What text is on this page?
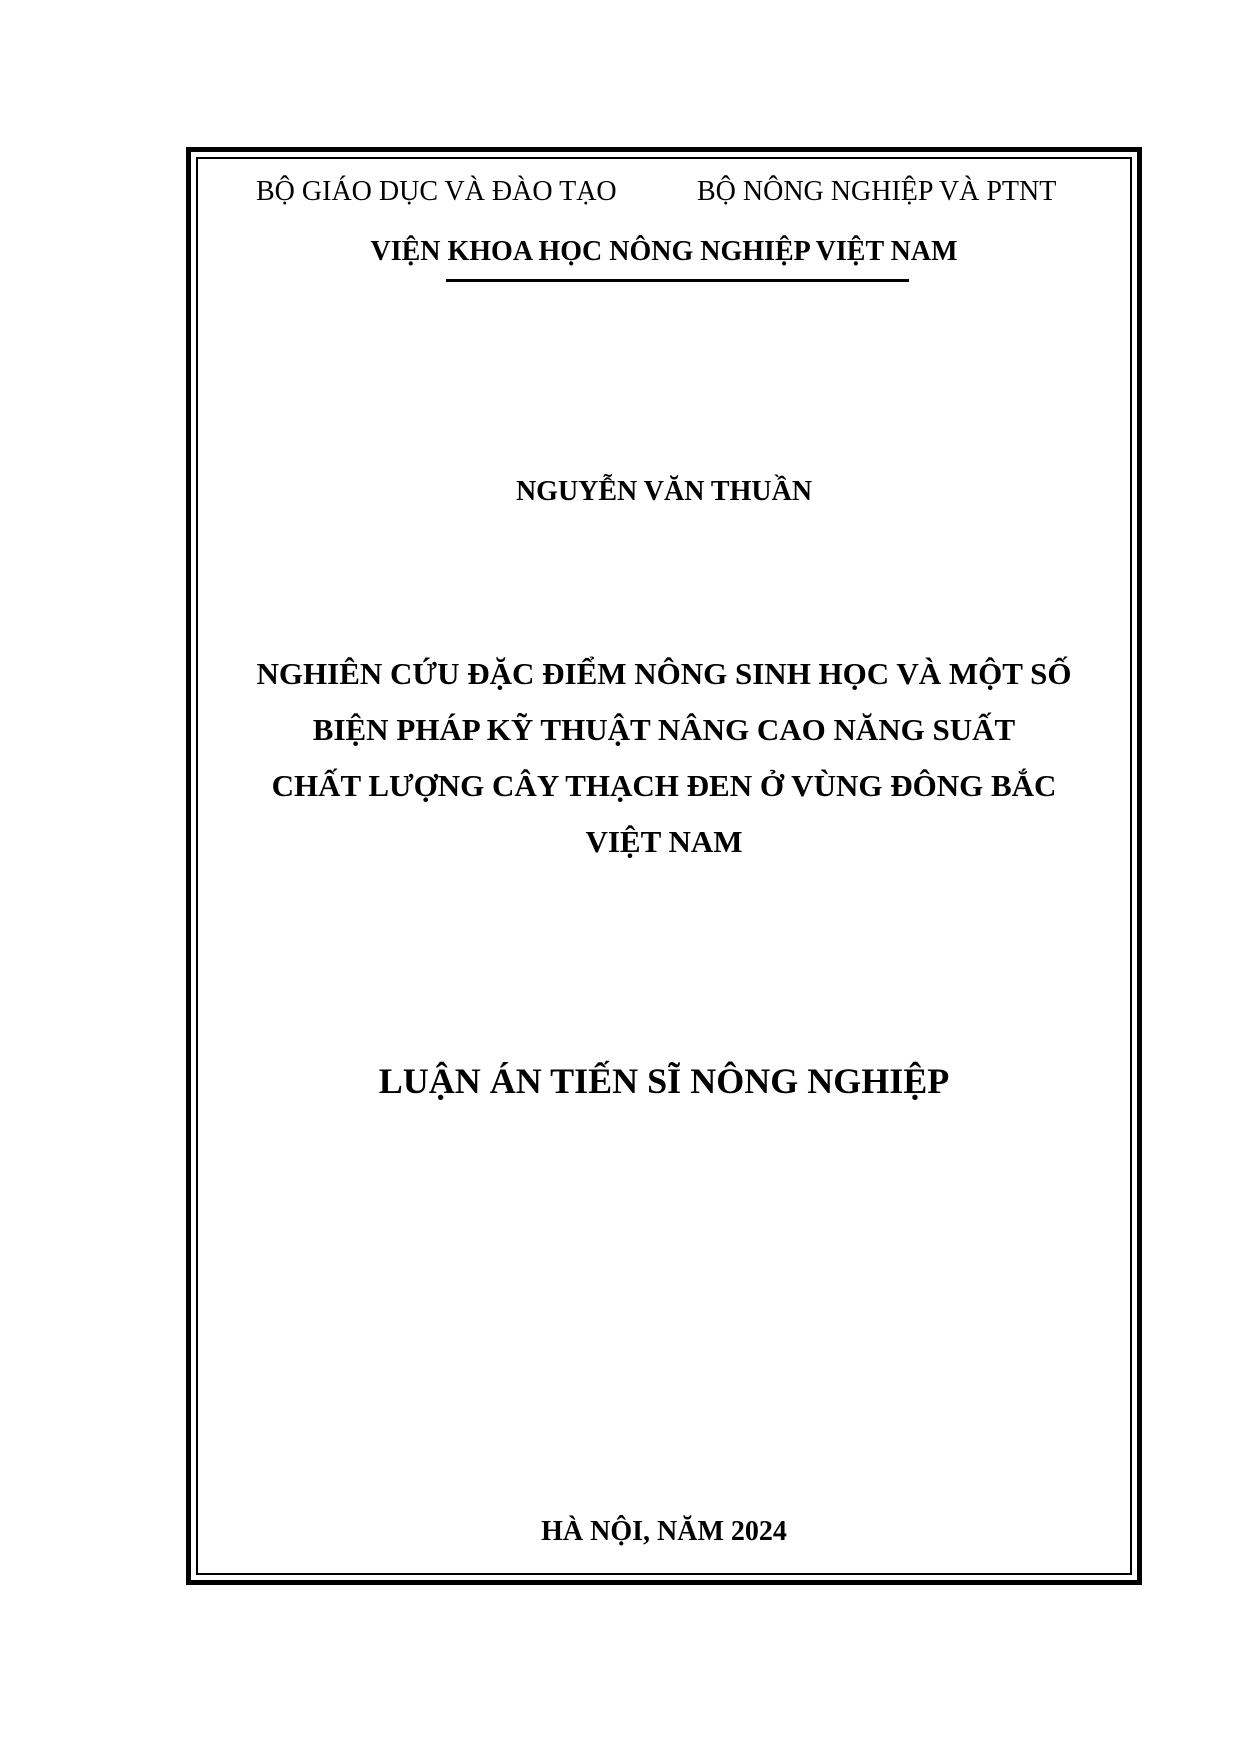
BỘ GIÁO DỤC VÀ ĐÀO TẠO	BỘ NÔNG NGHIỆP VÀ PTNT
VIỆN KHOA HỌC NÔNG NGHIỆP VIỆT NAM
NGUYỄN VĂN THUẦN
NGHIÊN CỨU ĐẶC ĐIỂM NÔNG SINH HỌC VÀ MỘT SỐ
BIỆN PHÁP KỸ THUẬT NÂNG CAO NĂNG SUẤT
CHẤT LƯỢNG CÂY THẠCH ĐEN Ở VÙNG ĐÔNG BẮC
VIỆT NAM
LUẬN ÁN TIẾN SĨ NÔNG NGHIỆP
HÀ NỘI, NĂM 2024
